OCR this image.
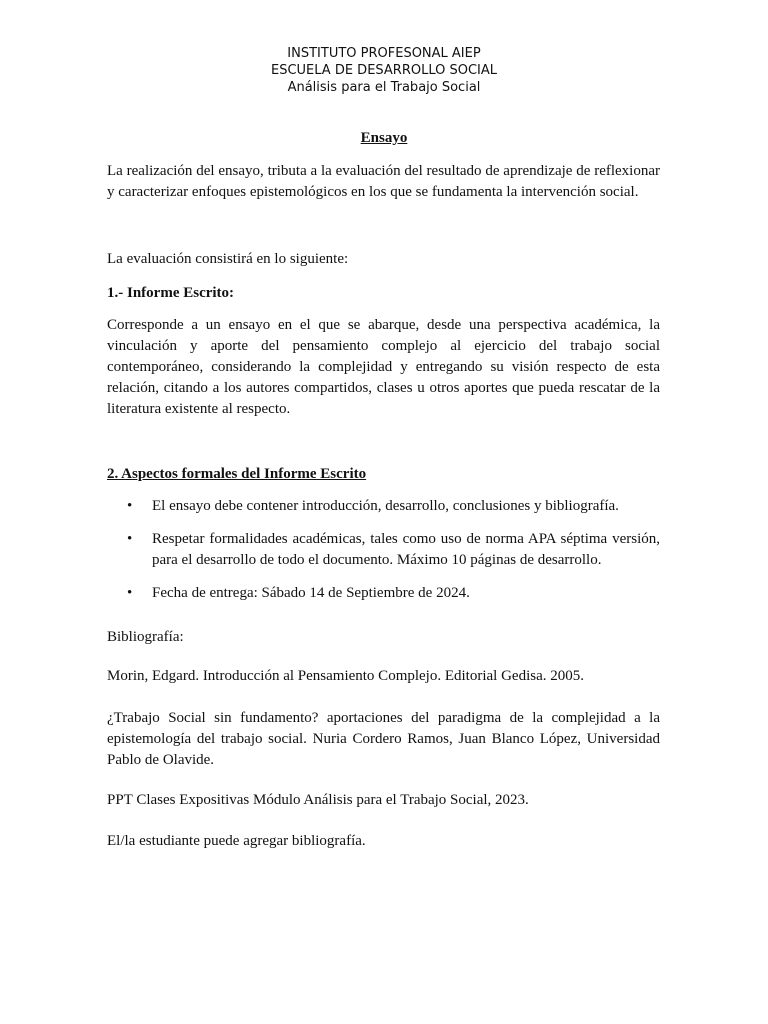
INSTITUTO PROFESONAL AIEP
ESCUELA DE DESARROLLO SOCIAL
Análisis para el Trabajo Social
Ensayo

La realización del ensayo, tributa a la evaluación del resultado de aprendizaje de reflexionar y caracterizar enfoques epistemológicos en los que se fundamenta la intervención social.

La evaluación consistirá en lo siguiente:

1.- Informe Escrito:

Corresponde a un ensayo en el que se abarque, desde una perspectiva académica, la vinculación y aporte del pensamiento complejo al ejercicio del trabajo social contemporáneo, considerando la complejidad y entregando su visión respecto de esta relación, citando a los autores compartidos, clases u otros aportes que pueda rescatar de la literatura existente al respecto.

2. Aspectos formales del Informe Escrito

• El ensayo debe contener introducción, desarrollo, conclusiones y bibliografía.
• Respetar formalidades académicas, tales como uso de norma APA séptima versión, para el desarrollo de todo el documento. Máximo 10 páginas de desarrollo.
• Fecha de entrega: Sábado 14 de Septiembre de 2024.

Bibliografía:

Morin, Edgard. Introducción al Pensamiento Complejo. Editorial Gedisa. 2005.

¿Trabajo Social sin fundamento? aportaciones del paradigma de la complejidad a la epistemología del trabajo social. Nuria Cordero Ramos, Juan Blanco López, Universidad Pablo de Olavide.

PPT Clases Expositivas Módulo Análisis para el Trabajo Social, 2023.

El/la estudiante puede agregar bibliografía.
